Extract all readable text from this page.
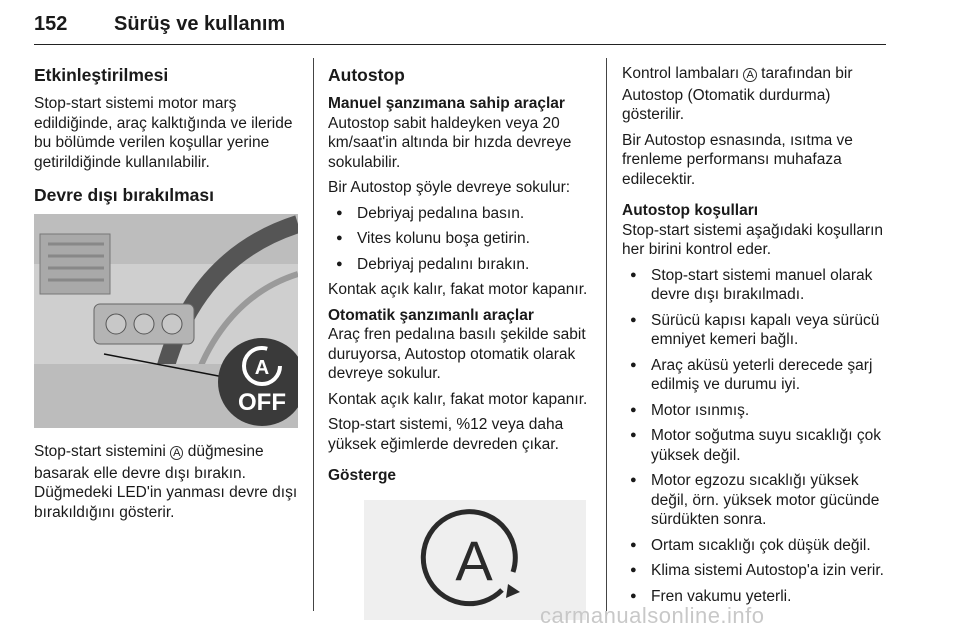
152 Sürüş ve kullanım
Etkinleştirilmesi

Stop-start sistemi motor marş edildiğinde, araç kalktığında ve ileride bu bölümde verilen koşullar yerine getirildiğinde kullanılabilir.

Devre dışı bırakılması
A
OFF

Stop-start sistemini A düğmesine basarak elle devre dışı bırakın. Düğmedeki LED'in yanması devre dışı bırakıldığını gösterir.

Autostop
Manuel şanzımana sahip araçlar

Autostop sabit haldeyken veya 20 km/saat'in altında bir hızda devreye sokulabilir.

Bir Autostop şöyle devreye sokulur:

● Debriyaj pedalına basın.
● Vites kolunu boşa getirin.
● Debriyaj pedalını bırakın.

Kontak açık kalır, fakat motor kapanır.

Otomatik şanzımanlı araçlar

Araç fren pedalına basılı şekilde sabit duruyorsa, Autostop otomatik olarak devreye sokulur.

Kontak açık kalır, fakat motor kapanır.

Stop-start sistemi, %12 veya daha yüksek eğimlerde devreden çıkar.

Gösterge
A

Kontrol lambaları A tarafından bir Autostop (Otomatik durdurma) gösterilir.

Bir Autostop esnasında, ısıtma ve frenleme performansı muhafaza edilecektir.

Autostop koşulları

Stop-start sistemi aşağıdaki koşulların her birini kontrol eder.

● Stop-start sistemi manuel olarak devre dışı bırakılmadı.
● Sürücü kapısı kapalı veya sürücü emniyet kemeri bağlı.
● Araç aküsü yeterli derecede şarj edilmiş ve durumu iyi.
● Motor ısınmış.
● Motor soğutma suyu sıcaklığı çok yüksek değil.
● Motor egzozu sıcaklığı yüksek değil, örn. yüksek motor gücünde sürdükten sonra.
● Ortam sıcaklığı çok düşük değil.
● Klima sistemi Autostop'a izin verir.
● Fren vakumu yeterli.
carmanualsonline.info
